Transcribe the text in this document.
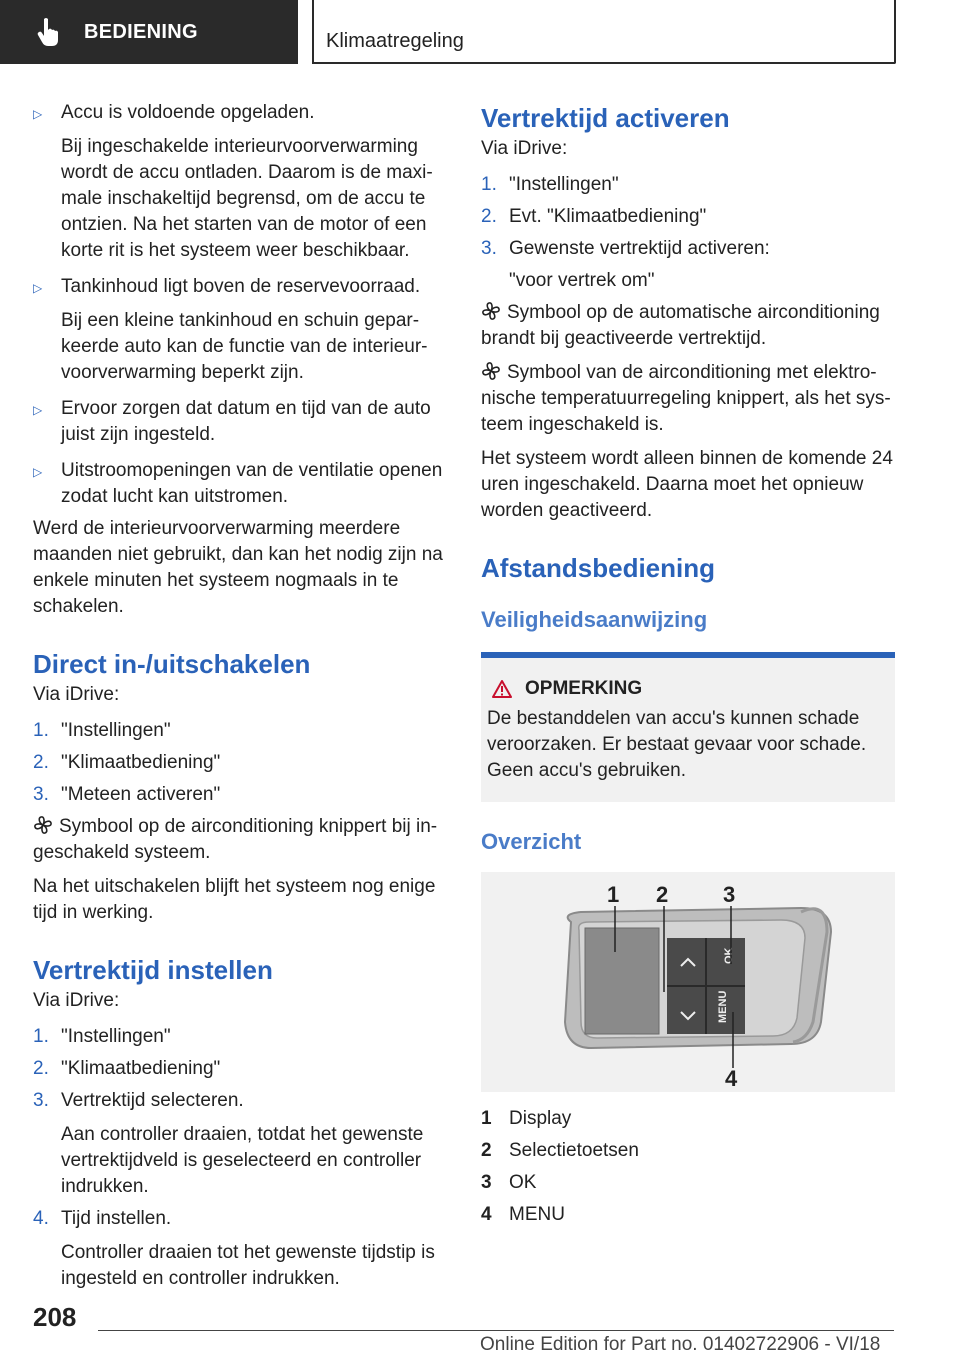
BEDIENING	Klimaatregeling
▷ Accu is voldoende opgeladen.

Bij ingeschakelde interieurvoorverwarming wordt de accu ontladen. Daarom is de maxi-male inschakeltijd begrensd, om de accu te ontzien. Na het starten van de motor of een korte rit is het systeem weer beschikbaar.

▷ Tankinhoud ligt boven de reservevoorraad.

Bij een kleine tankinhoud en schuin gepar-keerde auto kan de functie van de interieur-voorverwarming beperkt zijn.

▷ Ervoor zorgen dat datum en tijd van de auto juist zijn ingesteld.

▷ Uitstroomopeningen van de ventilatie openen zodat lucht kan uitstromen.

Werd de interieurvoorverwarming meerdere maanden niet gebruikt, dan kan het nodig zijn na enkele minuten het systeem nogmaals in te schakelen.

Direct in-/uitschakelen

Via iDrive:

1. "Instellingen"

2. "Klimaatbediening"

3. "Meteen activeren"

Symbool op de airconditioning knippert bij in-geschakeld systeem.

Na het uitschakelen blijft het systeem nog enige tijd in werking.

Vertrektijd instellen

Via iDrive:

1. "Instellingen"

2. "Klimaatbediening"

3. Vertrektijd selecteren.

Aan controller draaien, totdat het gewenste vertrektijdveld is geselecteerd en controller indrukken.

4. Tijd instellen.

Controller draaien tot het gewenste tijdstip is ingesteld en controller indrukken.

Vertrektijd activeren

Via iDrive:

1. "Instellingen"

2. Evt. "Klimaatbediening"

3. Gewenste vertrektijd activeren:

"voor vertrek om"

Symbool op de automatische airconditioning brandt bij geactiveerde vertrektijd.

Symbool van de airconditioning met elektro-nische temperatuurregeling knippert, als het sys-teem ingeschakeld is.

Het systeem wordt alleen binnen de komende 24 uren ingeschakeld. Daarna moet het opnieuw worden geactiveerd.

Afstandsbediening
Veiligheidsaanwijzing
OPMERKING

De bestanddelen van accu's kunnen schade veroorzaken. Er bestaat gevaar voor schade. Geen accu's gebruiken.

Overzicht
OK
MENU
1 2 3
4
1 Display

2 Selectietoetsen

3 OK

4 MENU

208
Online Edition for Part no. 01402722906 - VI/18
